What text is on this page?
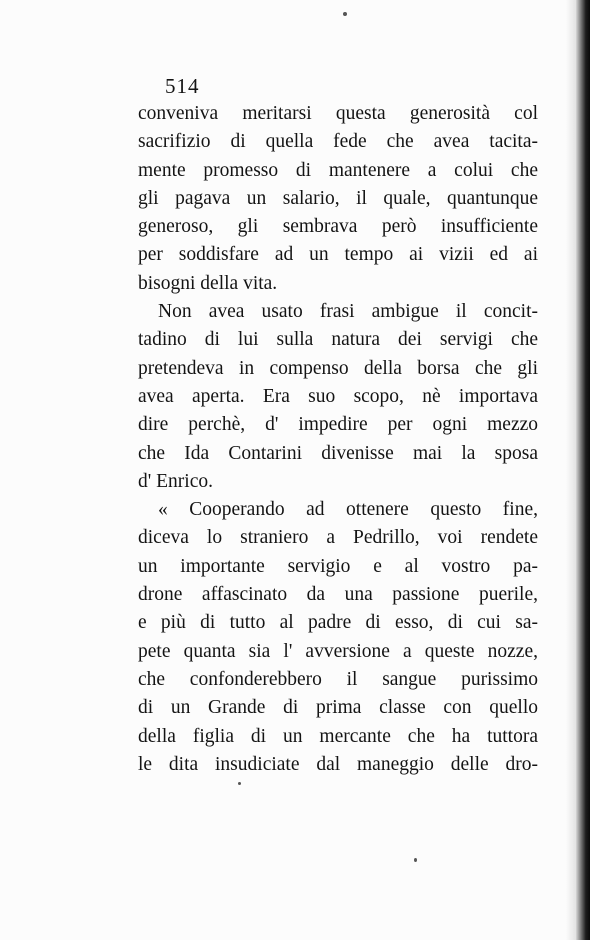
514
conveniva meritarsi questa generosità col
sacrifizio di quella fede che avea tacita-
mente promesso di mantenere a colui che
gli pagava un salario, il quale, quantunque
generoso, gli sembrava però insufficiente
per soddisfare ad un tempo ai vizii ed ai
bisogni della vita.
Non avea usato frasi ambigue il concit-
tadino di lui sulla natura dei servigi che
pretendeva in compenso della borsa che gli
avea aperta. Era suo scopo, nè importava
dire perchè, d' impedire per ogni mezzo
che Ida Contarini divenisse mai la sposa
d' Enrico.
« Cooperando ad ottenere questo fine,
diceva lo straniero a Pedrillo, voi rendete
un importante servigio e al vostro pa-
drone affascinato da una passione puerile,
e più di tutto al padre di esso, di cui sa-
pete quanta sia l' avversione a queste nozze,
che confonderebbero il sangue purissimo
di un Grande di prima classe con quello
della figlia di un mercante che ha tuttora
le dita insudiciate dal maneggio delle dro-
